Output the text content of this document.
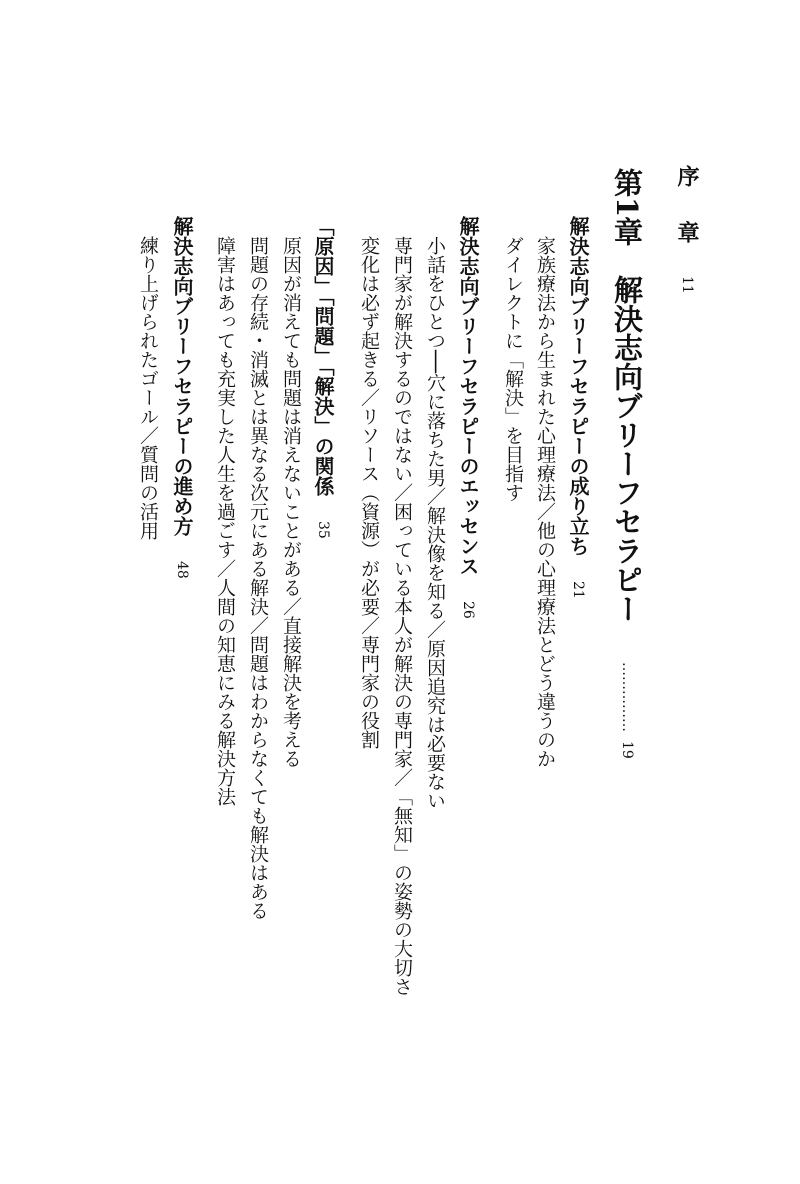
序　章 11
第1章　解決志向ブリーフセラピー …………… 19
解決志向ブリーフセラピーの成り立ち 21
家族療法から生まれた心理療法／他の心理療法とどう違うのか
ダイレクトに「解決」を目指す
解決志向ブリーフセラピーのエッセンス 26
小話をひとつ──穴に落ちた男／解決像を知る／原因追究は必要ない
専門家が解決するのではない／困っている本人が解決の専門家／「無知」の姿勢の大切さ
変化は必ず起きる／リソース（資源）が必要／専門家の役割
「原因」「問題」「解決」の関係 35
原因が消えても問題は消えないことがある／直接解決を考える
問題の存続・消滅とは異なる次元にある解決／問題はわからなくても解決はある
障害はあっても充実した人生を過ごす／人間の知恵にみる解決方法
解決志向ブリーフセラピーの進め方 48
練り上げられたゴール／質問の活用
